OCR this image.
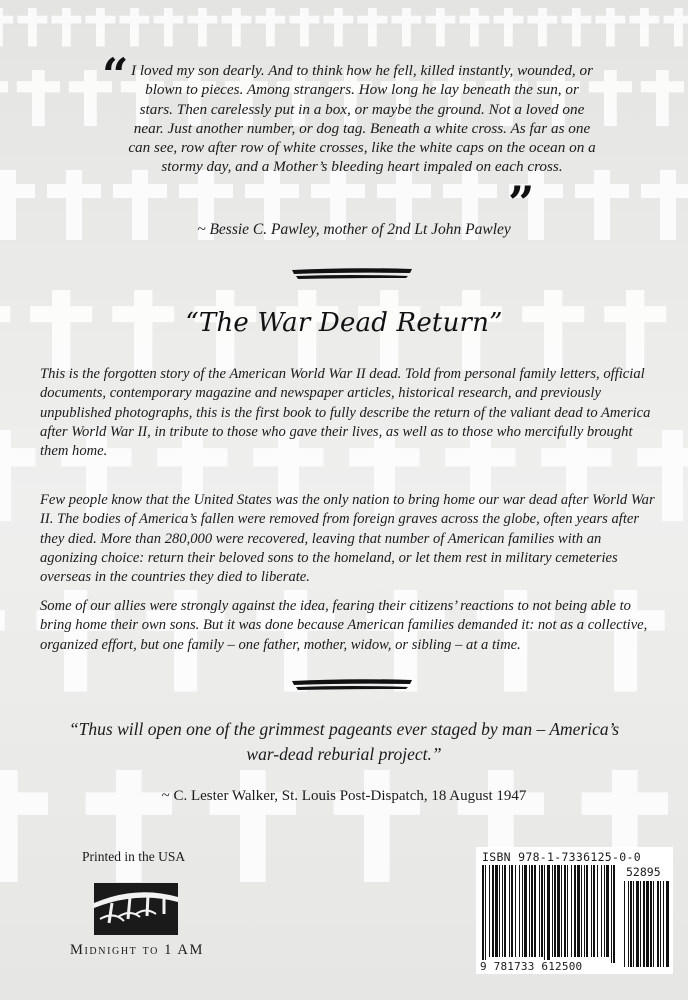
“ I loved my son dearly. And to think how he fell, killed instantly, wounded, or blown to pieces. Among strangers. How long he lay beneath the sun, or stars. Then carelessly put in a box, or maybe the ground. Not a loved one near. Just another number, or dog tag. Beneath a white cross. As far as one can see, row after row of white crosses, like the white caps on the ocean on a stormy day, and a Mother’s bleeding heart impaled on each cross.
”
~ Bessie C. Pawley, mother of 2nd Lt John Pawley
“The War Dead Return”

This is the forgotten story of the American World War II dead. Told from personal family letters, official documents, contemporary magazine and newspaper articles, historical research, and previously unpublished photographs, this is the first book to fully describe the return of the valiant dead to America after World War II, in tribute to those who gave their lives, as well as to those who mercifully brought them home.

Few people know that the United States was the only nation to bring home our war dead after World War II. The bodies of America’s fallen were removed from foreign graves across the globe, often years after they died. More than 280,000 were recovered, leaving that number of American families with an agonizing choice: return their beloved sons to the homeland, or let them rest in military cemeteries overseas in the countries they died to liberate.

Some of our allies were strongly against the idea, fearing their citizens’ reactions to not being able to bring home their own sons. But it was done because American families demanded it: not as a collective, organized effort, but one family – one father, mother, widow, or sibling – at a time.

“Thus will open one of the grimmest pageants ever staged by man – America’s war-dead reburial project.”
~ C. Lester Walker, St. Louis Post-Dispatch, 18 August 1947
Printed in the USA
Midnight to 1 AM
ISBN 978-1-7336125-0-0
52895
9 781733 612500
